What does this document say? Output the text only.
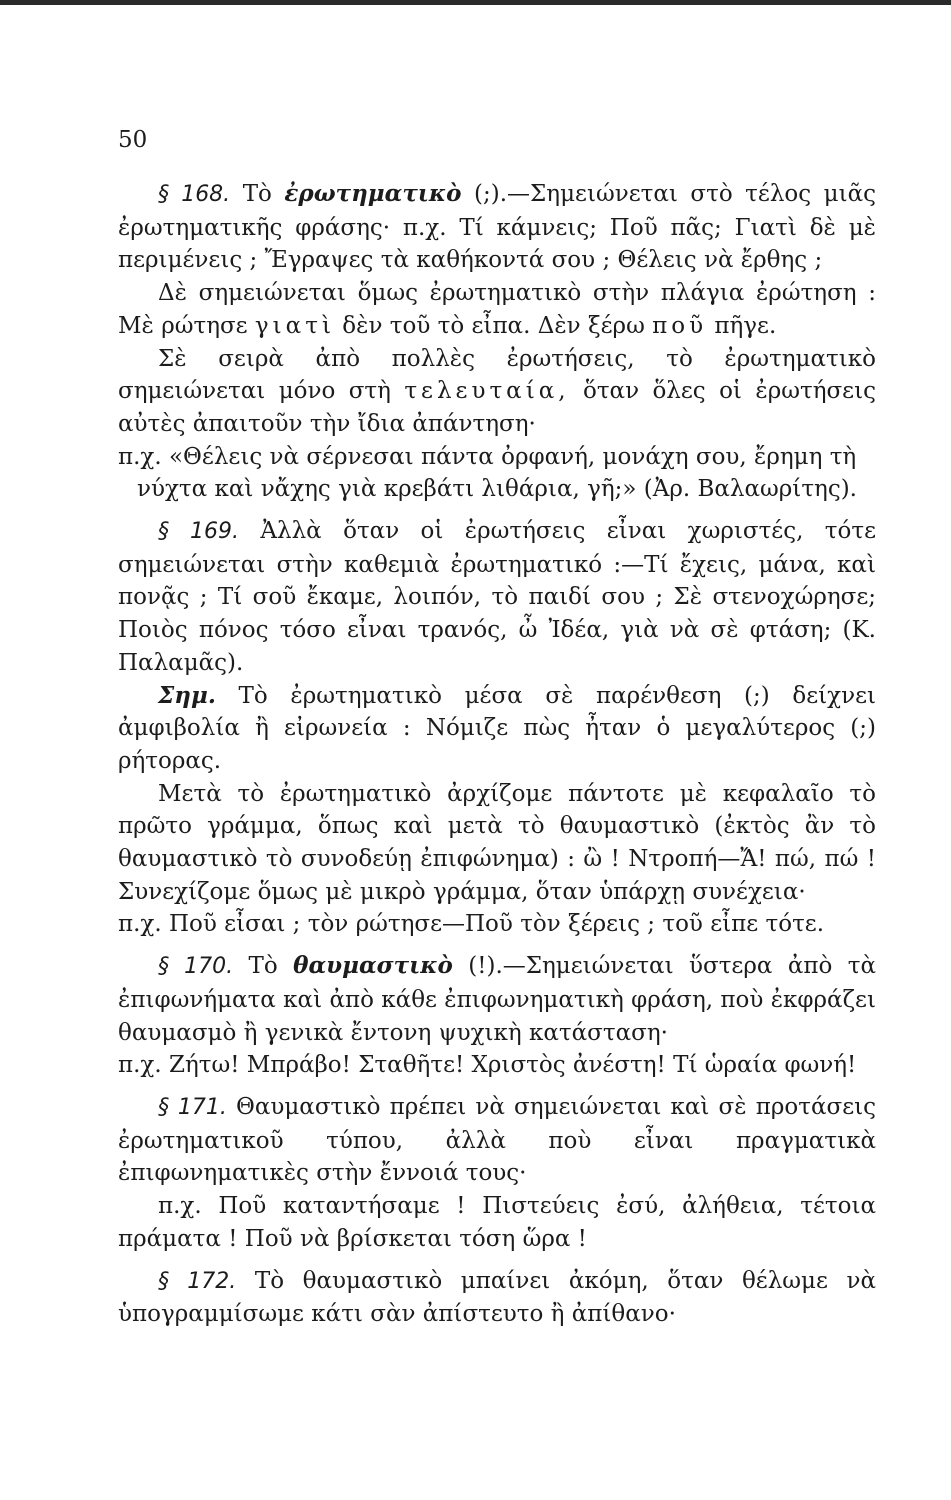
50

§ 168. Τὸ ἐρωτηματικὸ (;).—Σημειώνεται στὸ τέλος μιᾶς ἐρωτηματικῆς φράσης· π.χ. Τί κάμνεις; Ποῦ πᾶς; Γιατὶ δὲ μὲ περιμένεις ; Ἔγραψες τὰ καθήκοντά σου ; Θέλεις νὰ ἔρθης ;

Δὲ σημειώνεται ὅμως ἐρωτηματικὸ στὴν πλάγια ἐρώτηση : Μὲ ρώτησε γιατὶ δὲν τοῦ τὸ εἶπα. Δὲν ξέρω ποῦ πῆγε.

Σὲ σειρὰ ἀπὸ πολλὲς ἐρωτήσεις, τὸ ἐρωτηματικὸ σημειώνεται μόνο στὴ τελευταία, ὅταν ὅλες οἱ ἐρωτήσεις αὐτὲς ἀπαιτοῦν τὴν ἴδια ἀπάντηση·

π.χ. «Θέλεις νὰ σέρνεσαι πάντα ὀρφανή, μονάχη σου, ἔρημη τὴ
νύχτα καὶ νἄχης γιὰ κρεβάτι λιθάρια, γῆ;» (Ἀρ. Βαλαωρίτης).

§ 169. Ἀλλὰ ὅταν οἱ ἐρωτήσεις εἶναι χωριστές, τότε σημειώνεται στὴν καθεμιὰ ἐρωτηματικό :—Τί ἔχεις, μάνα, καὶ πονᾷς ; Τί σοῦ ἔκαμε, λοιπόν, τὸ παιδί σου ; Σὲ στενοχώρησε; Ποιὸς πόνος τόσο εἶναι τρανός, ὦ Ἰδέα, γιὰ νὰ σὲ φτάση; (Κ. Παλαμᾶς).

Σημ. Τὸ ἐρωτηματικὸ μέσα σὲ παρένθεση (;) δείχνει ἀμφιβολία ἢ εἰρωνεία : Νόμιζε πὼς ἦταν ὁ μεγαλύτερος (;) ρήτορας.

Μετὰ τὸ ἐρωτηματικὸ ἀρχίζομε πάντοτε μὲ κεφαλαῖο τὸ πρῶτο γράμμα, ὅπως καὶ μετὰ τὸ θαυμαστικὸ (ἐκτὸς ἂν τὸ θαυμαστικὸ τὸ συνοδεύῃ ἐπιφώνημα) : ὢ ! Ντροπή—Ἄ! πώ, πώ ! Συνεχίζομε ὅμως μὲ μικρὸ γράμμα, ὅταν ὑπάρχῃ συνέχεια·

π.χ. Ποῦ εἶσαι ; τὸν ρώτησε—Ποῦ τὸν ξέρεις ; τοῦ εἶπε τότε.

§ 170. Τὸ θαυμαστικὸ (!).—Σημειώνεται ὕστερα ἀπὸ τὰ ἐπιφωνήματα καὶ ἀπὸ κάθε ἐπιφωνηματικὴ φράση, ποὺ ἐκφράζει θαυμασμὸ ἢ γενικὰ ἔντονη ψυχικὴ κατάσταση·

π.χ. Ζήτω! Μπράβο! Σταθῆτε! Χριστὸς ἀνέστη! Τί ὡραία φωνή!

§ 171. Θαυμαστικὸ πρέπει νὰ σημειώνεται καὶ σὲ προτάσεις ἐρωτηματικοῦ τύπου, ἀλλὰ ποὺ εἶναι πραγματικὰ ἐπιφωνηματικὲς στὴν ἔννοιά τους·

π.χ. Ποῦ καταντήσαμε ! Πιστεύεις ἐσύ, ἀλήθεια, τέτοια πράματα ! Ποῦ νὰ βρίσκεται τόση ὥρα !

§ 172. Τὸ θαυμαστικὸ μπαίνει ἀκόμη, ὅταν θέλωμε νὰ ὑπογραμμίσωμε κάτι σὰν ἀπίστευτο ἢ ἀπίθανο·
